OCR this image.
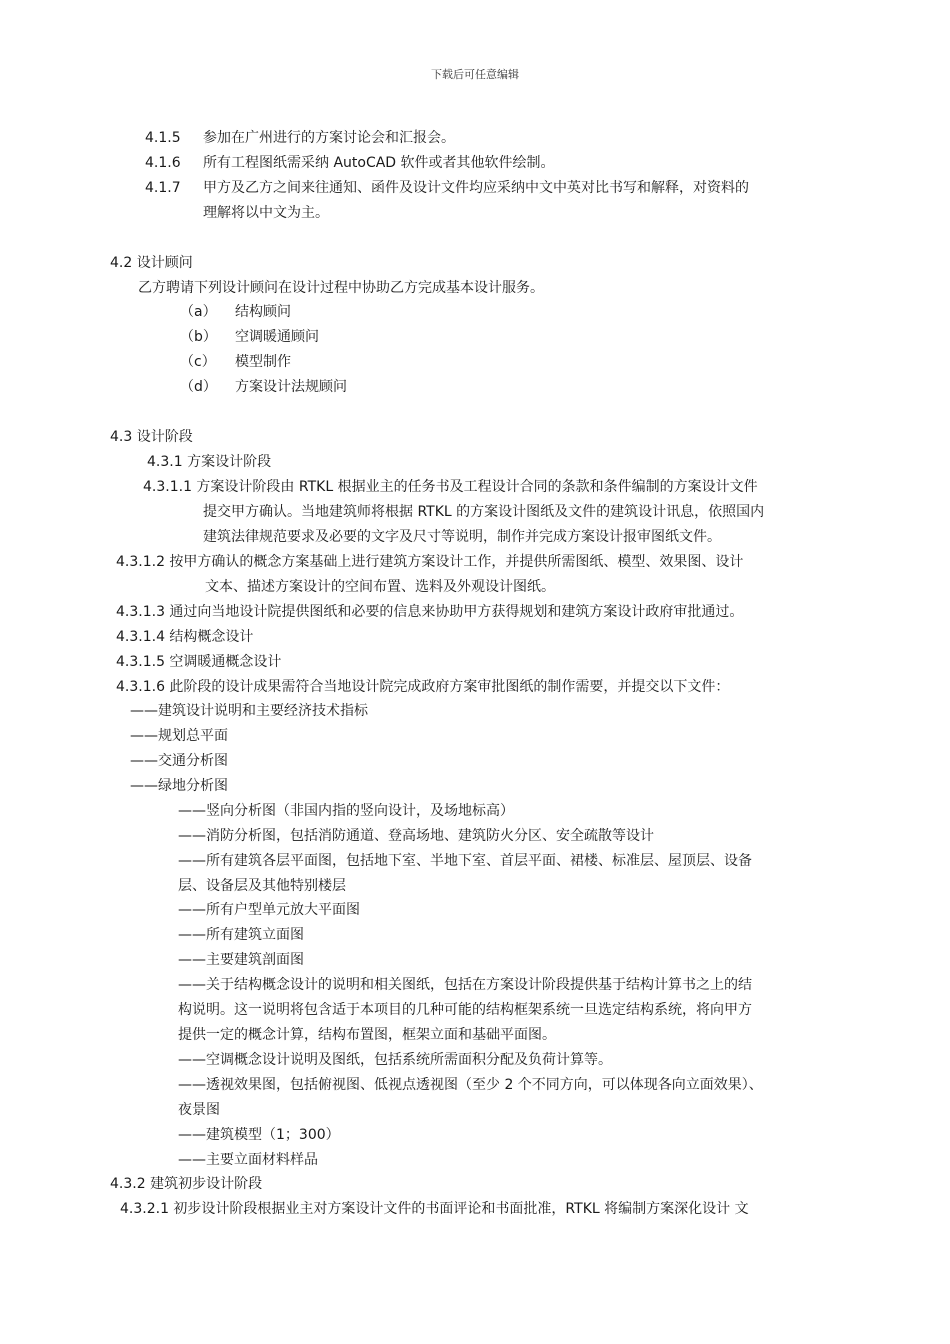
下载后可任意编辑
4.1.5 参加在广州进行的方案讨论会和汇报会。
4.1.6 所有工程图纸需采纳 AutoCAD 软件或者其他软件绘制。
4.1.7 甲方及乙方之间来往通知、函件及设计文件均应采纳中文中英对比书写和解释，对资料的
理解将以中文为主。
4.2 设计顾问
乙方聘请下列设计顾问在设计过程中协助乙方完成基本设计服务。
（a） 结构顾问
（b） 空调暖通顾问
（c） 模型制作
（d） 方案设计法规顾问
4.3 设计阶段
4.3.1 方案设计阶段
4.3.1.1 方案设计阶段由 RTKL 根据业主的任务书及工程设计合同的条款和条件编制的方案设计文件
提交甲方确认。当地建筑师将根据 RTKL 的方案设计图纸及文件的建筑设计讯息，依照国内
建筑法律规范要求及必要的文字及尺寸等说明，制作并完成方案设计报审图纸文件。
4.3.1.2 按甲方确认的概念方案基础上进行建筑方案设计工作，并提供所需图纸、模型、效果图、设计
文本、描述方案设计的空间布置、选料及外观设计图纸。
4.3.1.3 通过向当地设计院提供图纸和必要的信息来协助甲方获得规划和建筑方案设计政府审批通过。
4.3.1.4 结构概念设计
4.3.1.5 空调暖通概念设计
4.3.1.6 此阶段的设计成果需符合当地设计院完成政府方案审批图纸的制作需要，并提交以下文件：
——建筑设计说明和主要经济技术指标
——规划总平面
——交通分析图
——绿地分析图
——竖向分析图（非国内指的竖向设计，及场地标高）
——消防分析图，包括消防通道、登高场地、建筑防火分区、安全疏散等设计
——所有建筑各层平面图，包括地下室、半地下室、首层平面、裙楼、标准层、屋顶层、设备
层、设备层及其他特别楼层
——所有户型单元放大平面图
——所有建筑立面图
——主要建筑剖面图
——关于结构概念设计的说明和相关图纸，包括在方案设计阶段提供基于结构计算书之上的结
构说明。这一说明将包含适于本项目的几种可能的结构框架系统一旦选定结构系统，将向甲方
提供一定的概念计算，结构布置图，框架立面和基础平面图。
——空调概念设计说明及图纸，包括系统所需面积分配及负荷计算等。
——透视效果图，包括俯视图、低视点透视图（至少 2 个不同方向，可以体现各向立面效果）、
夜景图
——建筑模型（1；300）
——主要立面材料样品
4.3.2 建筑初步设计阶段
4.3.2.1 初步设计阶段根据业主对方案设计文件的书面评论和书面批准，RTKL 将编制方案深化设计 文
